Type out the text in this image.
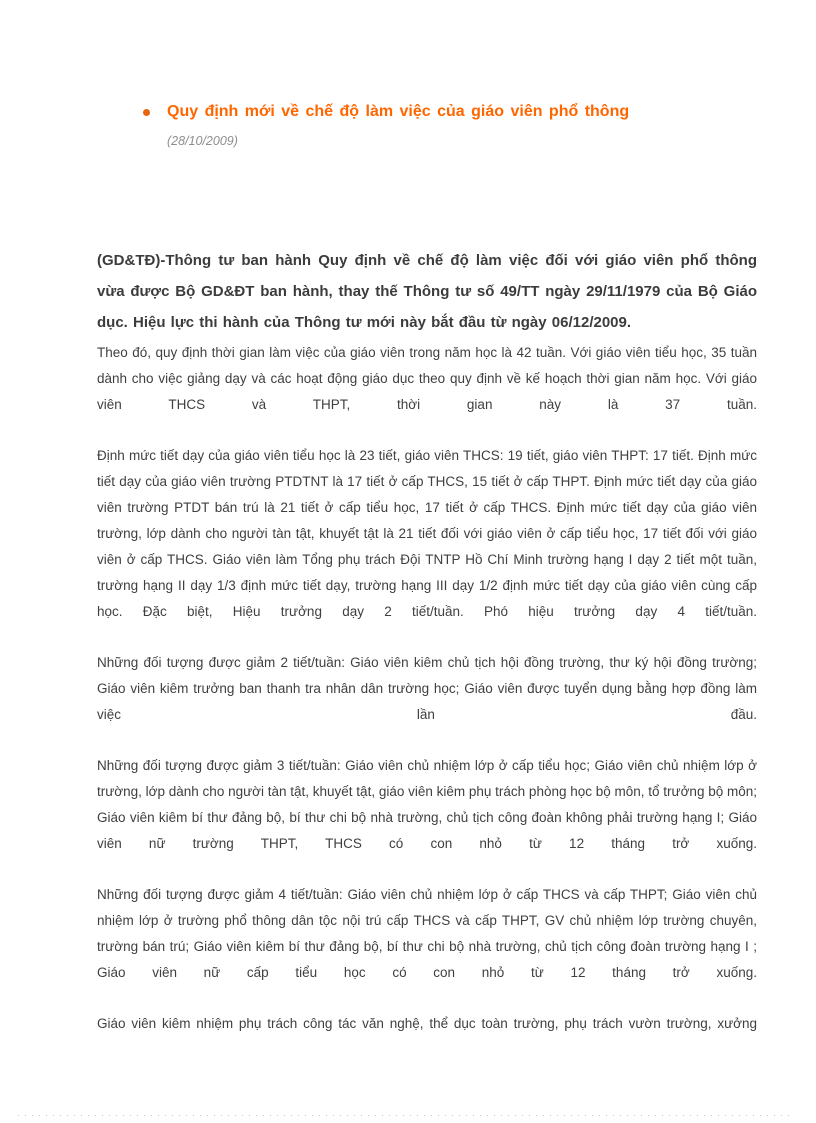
Quy định mới về chế độ làm việc của giáo viên phổ thông
(28/10/2009)

(GD&TĐ)-Thông tư ban hành Quy định về chế độ làm việc đối với giáo viên phổ thông vừa được Bộ GD&ĐT ban hành, thay thế Thông tư số 49/TT ngày 29/11/1979 của Bộ Giáo dục. Hiệu lực thi hành của Thông tư mới này bắt đầu từ ngày 06/12/2009.

Theo đó, quy định thời gian làm việc của giáo viên trong năm học là 42 tuần. Với giáo viên tiểu học, 35 tuần dành cho việc giảng dạy và các hoạt động giáo dục theo quy định về kế hoạch thời gian năm học. Với giáo viên THCS và THPT, thời gian này là 37 tuần.

Định mức tiết dạy của giáo viên tiểu học là 23 tiết, giáo viên THCS: 19 tiết, giáo viên THPT: 17 tiết. Định mức tiết dạy của giáo viên trường PTDTNT là 17 tiết ở cấp THCS, 15 tiết ở cấp THPT. Định mức tiết dạy của giáo viên trường PTDT bán trú là 21 tiết ở cấp tiểu học, 17 tiết ở cấp THCS. Định mức tiết dạy của giáo viên trường, lớp dành cho người tàn tật, khuyết tật là 21 tiết đối với giáo viên ở cấp tiểu học, 17 tiết đối với giáo viên ở cấp THCS. Giáo viên làm Tổng phụ trách Đội TNTP Hồ Chí Minh trường hạng I dạy 2 tiết một tuần, trường hạng II dạy 1/3 định mức tiết dạy, trường hạng III dạy 1/2 định mức tiết dạy của giáo viên cùng cấp học. Đặc biệt, Hiệu trưởng dạy 2 tiết/tuần. Phó hiệu trưởng dạy 4 tiết/tuần.

Những đối tượng được giảm 2 tiết/tuần: Giáo viên kiêm chủ tịch hội đồng trường, thư ký hội đồng trường; Giáo viên kiêm trưởng ban thanh tra nhân dân trường học; Giáo viên được tuyển dụng bằng hợp đồng làm việc lần đầu.

Những đối tượng được giảm 3 tiết/tuần: Giáo viên chủ nhiệm lớp ở cấp tiểu học; Giáo viên chủ nhiệm lớp ở trường, lớp dành cho người tàn tật, khuyết tật, giáo viên kiêm phụ trách phòng học bộ môn, tổ trưởng bộ môn; Giáo viên kiêm bí thư đảng bộ, bí thư chi bộ nhà trường, chủ tịch công đoàn không phải trường hạng I; Giáo viên nữ trường THPT, THCS có con nhỏ từ 12 tháng trở xuống.

Những đối tượng được giảm 4 tiết/tuần: Giáo viên chủ nhiệm lớp ở cấp THCS và cấp THPT; Giáo viên chủ nhiệm lớp ở trường phổ thông dân tộc nội trú cấp THCS và cấp THPT, GV chủ nhiệm lớp trường chuyên, trường bán trú; Giáo viên kiêm bí thư đảng bộ, bí thư chi bộ nhà trường, chủ tịch công đoàn trường hạng I ; Giáo viên nữ cấp tiểu học có con nhỏ từ 12 tháng trở xuống.

Giáo viên kiêm nhiệm phụ trách công tác văn nghệ, thể dục toàn trường, phụ trách vườn trường, xưởng
